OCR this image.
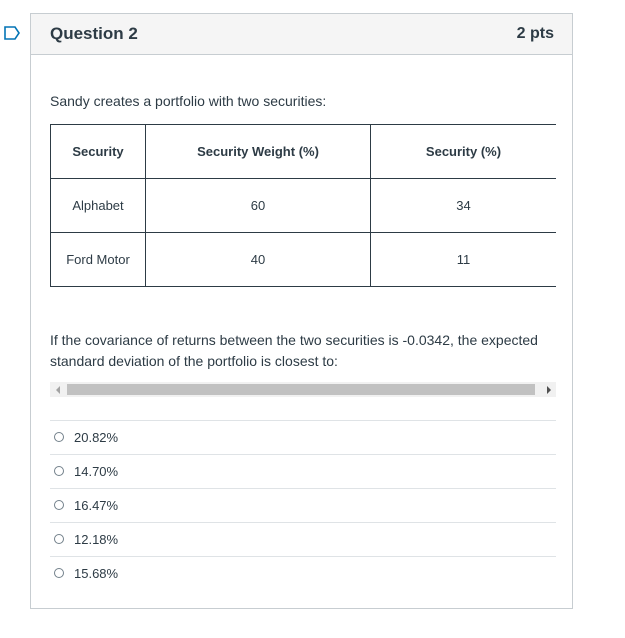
Question 2	2 pts
Sandy creates a portfolio with two securities:
Security	Security Weight (%)	Security (%)
Alphabet	60	34
Ford Motor	40	11
If the covariance of returns between the two securities is -0.0342, the expected standard deviation of the portfolio is closest to:
20.82%
14.70%
16.47%
12.18%
15.68%
